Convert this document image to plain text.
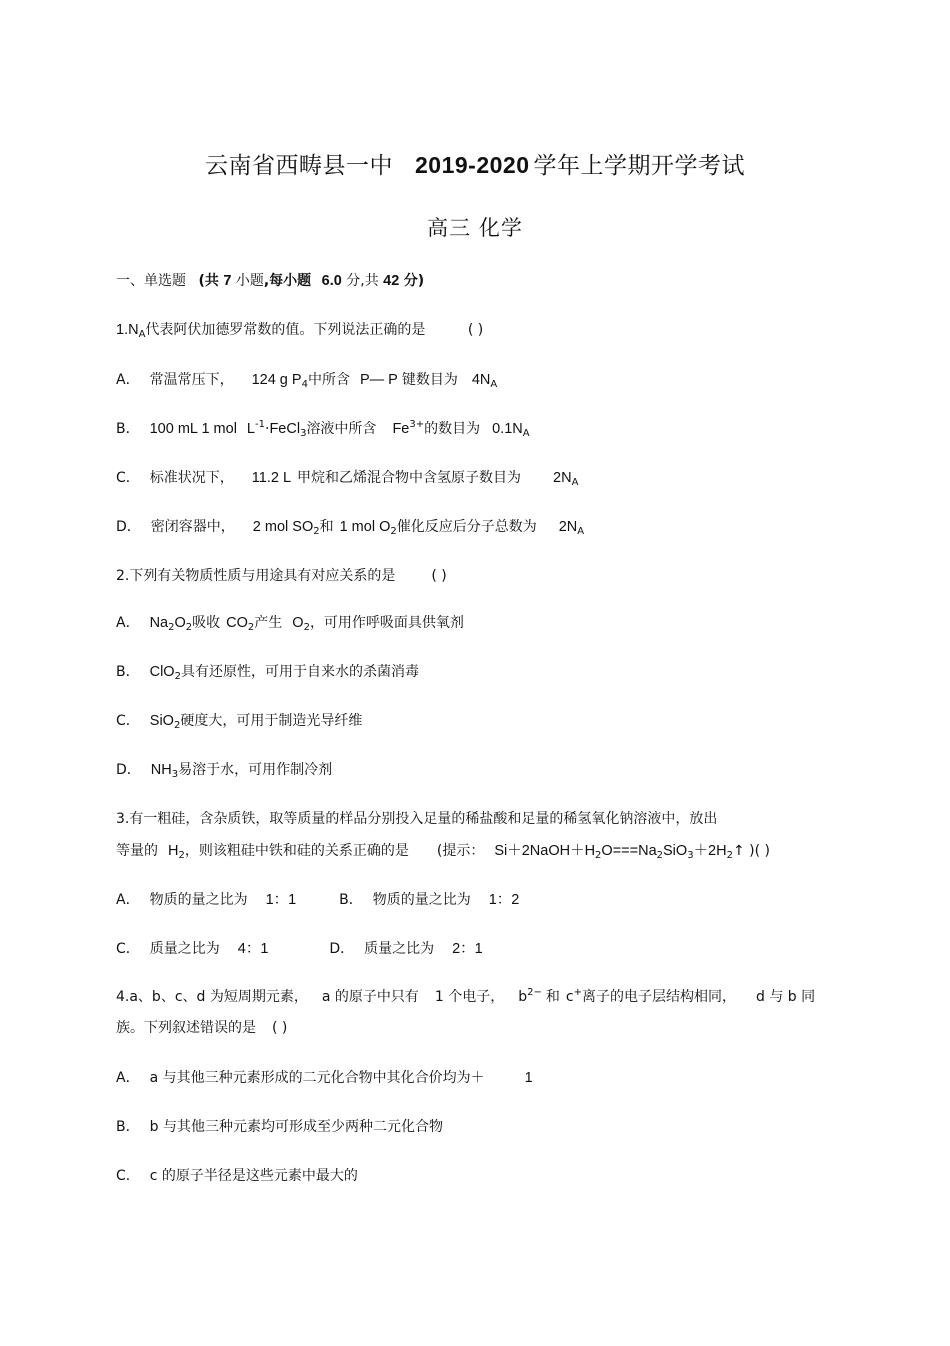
云南省西畴县一中 2019-2020 学年上学期开学考试
高三 化学
一、单选题 (共 7 小题,每小题 6.0 分,共 42 分)
$1.N_A$代表阿伏加德罗常数的值。下列说法正确的是	( )
A． 常温常压下， 124 g $P_4$中所含 P— P 键数目为 $4N_A$
B． 100 mL 1 mol $L^{-1}\cdot FeCl_3$溶液中所含 $Fe^{3+}$的数目为 $0.1N_A$
C． 标准状况下， 11.2 L 甲烷和乙烯混合物中含氢原子数目为 $2N_A$
D． 密闭容器中， 2 mol $SO_2$和 1 mol $O_2$催化反应后分子总数为 $2N_A$
2.下列有关物质性质与用途具有对应关系的是	( )
A． $Na_2O_2$吸收 $CO_2$产生 $O_2$，可用作呼吸面具供氧剂
B． ClO$_2$具有还原性，可用于自来水的杀菌消毒
C． SiO$_2$硬度大，可用于制造光导纤维
D． $NH_3$易溶于水，可用作制冷剂
3.有一粗硅，含杂质铁，取等质量的样品分别投入足量的稀盐酸和足量的稀氢氧化钠溶液中，放出
等量的 $H_2$，则该粗硅中铁和硅的关系正确的是 (提示： $Si+2NaOH+H_2O===Na_2SiO_3+2H_2↑$ )( )
A． 物质的量之比为 1：1	B． 物质的量之比为 1：2
C． 质量之比为 4：1	D． 质量之比为 2：1
4.a、b、c、d 为短周期元素， a 的原子中只有 1 个电子， $b^{2-}$ 和 c+离子的电子层结构相同， d 与 b 同
族。下列叙述错误的是 ( )
A． a 与其他三种元素形成的二元化合物中其化合价均为＋	1
B． b 与其他三种元素均可形成至少两种二元化合物
C． c 的原子半径是这些元素中最大的
